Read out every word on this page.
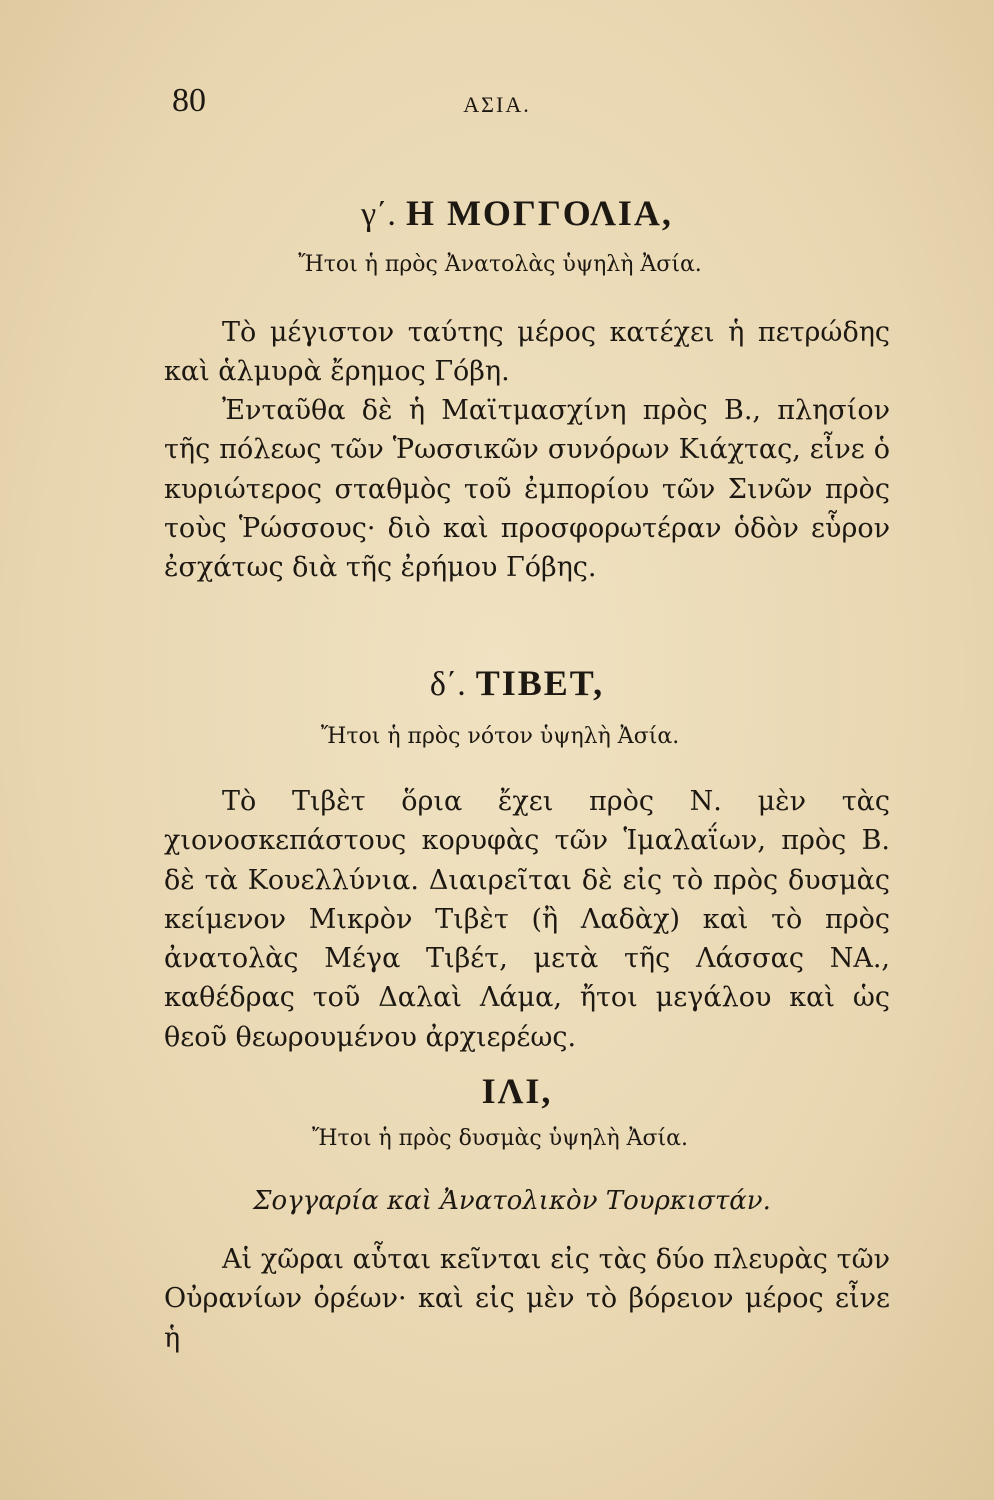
80	ΑΣΙΑ.
γ΄. Η ΜΟΓΓΟΛΙΑ,
Ἤτοι ἡ πρὸς Ἀνατολὰς ὑψηλὴ Ἀσία.

Τὸ μέγιστον ταύτης μέρος κατέχει ἡ πετρώδης καὶ ἁλμυρὰ ἔρημος Γόβη.

Ἐνταῦθα δὲ ἡ Μαϊτμασχίνη πρὸς Β., πλησίον τῆς πόλεως τῶν Ῥωσσικῶν συνόρων Κιάχτας, εἶνε ὁ κυριώτερος σταθμὸς τοῦ ἐμπορίου τῶν Σινῶν πρὸς τοὺς Ῥώσσους· διὸ καὶ προσφορωτέραν ὁδὸν εὗρον ἐσχάτως διὰ τῆς ἐρήμου Γόβης.

δ΄. ΤΙΒΕΤ,
Ἤτοι ἡ πρὸς νότον ὑψηλὴ Ἀσία.

Τὸ Τιβὲτ ὅρια ἔχει πρὸς Ν. μὲν τὰς χιονοσκεπάστους κορυφὰς τῶν Ἱμαλαΐων, πρὸς Β. δὲ τὰ Κουελλύνια. Διαιρεῖται δὲ εἰς τὸ πρὸς δυσμὰς κείμενον Μικρὸν Τιβὲτ (ἢ Λαδὰχ) καὶ τὸ πρὸς ἀνατολὰς Μέγα Τιβέτ, μετὰ τῆς Λάσσας ΝΑ., καθέδρας τοῦ Δαλαὶ Λάμα, ἤτοι μεγάλου καὶ ὡς θεοῦ θεωρουμένου ἀρχιερέως.

ΙΛΙ,
Ἤτοι ἡ πρὸς δυσμὰς ὑψηλὴ Ἀσία.
Σογγαρία καὶ Ἀνατολικὸν Τουρκιστάν.

Αἱ χῶραι αὗται κεῖνται εἰς τὰς δύο πλευρὰς τῶν Οὐρανίων ὀρέων· καὶ εἰς μὲν τὸ βόρειον μέρος εἶνε ἡ
